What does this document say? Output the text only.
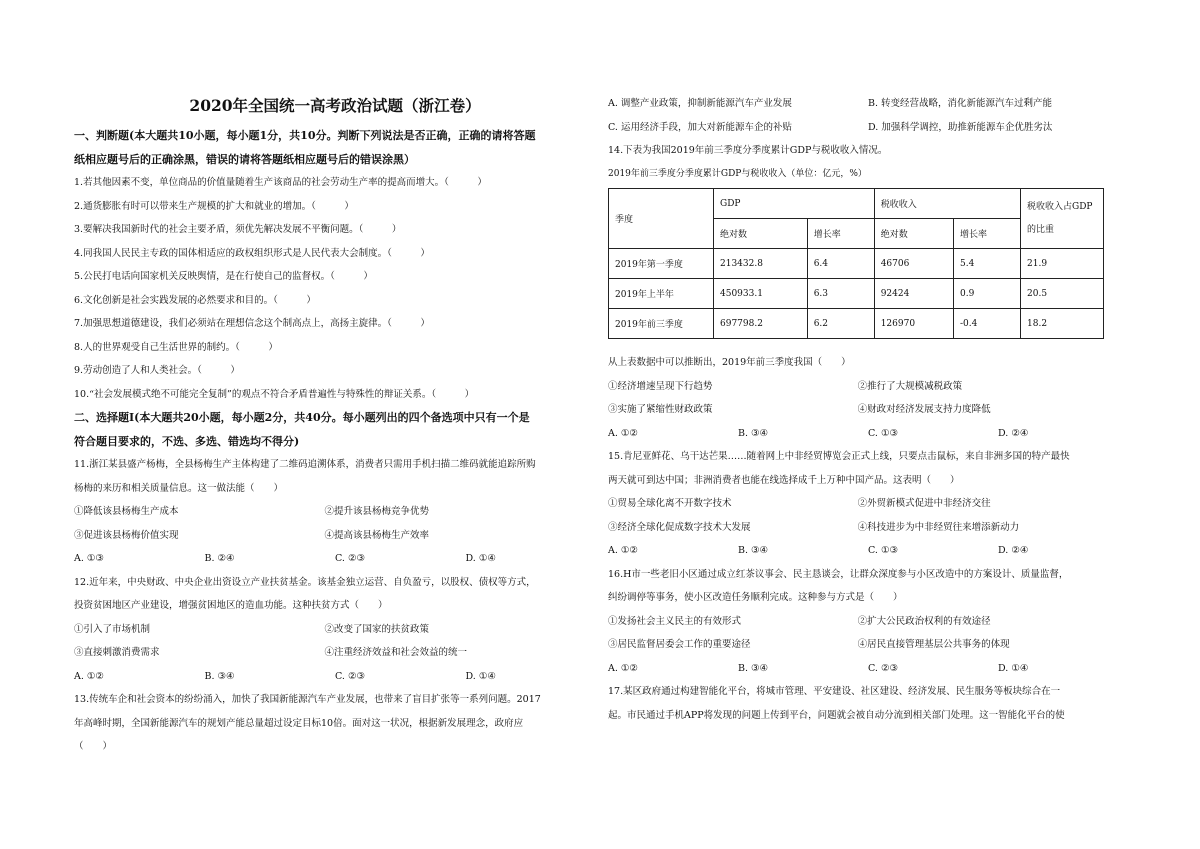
2020年全国统一高考政治试题（浙江卷）
一、判断题(本大题共10小题，每小题1分，共10分。判断下列说法是否正确，正确的请将答题
纸相应题号后的正确涂黑，错误的请将答题纸相应题号后的错误涂黑）
1.若其他因素不变，单位商品的价值量随着生产该商品的社会劳动生产率的提高而增大。（　　　）
2.通货膨胀有时可以带来生产规模的扩大和就业的增加。（　　　）
3.要解决我国新时代的社会主要矛盾，须优先解决发展不平衡问题。（　　　）
4.同我国人民民主专政的国体相适应的政权组织形式是人民代表大会制度。（　　　）
5.公民打电话向国家机关反映舆情，是在行使自己的监督权。（　　　）
6.文化创新是社会实践发展的必然要求和目的。（　　　）
7.加强思想道德建设，我们必须站在理想信念这个制高点上，高扬主旋律。（　　　）
8.人的世界观受自己生活世界的制约。（　　　）
9.劳动创造了人和人类社会。（　　　）
10.“社会发展模式绝不可能完全复制”的观点不符合矛盾普遍性与特殊性的辩证关系。（　　　）
二、选择题Ⅰ(本大题共20小题，每小题2分，共40分。每小题列出的四个备选项中只有一个是
符合题目要求的，不选、多选、错选均不得分)
11.浙江某县盛产杨梅，全县杨梅生产主体构建了二维码追溯体系，消费者只需用手机扫描二维码就能追踪所购
杨梅的来历和相关质量信息。这一做法能（　　）
①降低该县杨梅生产成本	②提升该县杨梅竞争优势
③促进该县杨梅价值实现	④提高该县杨梅生产效率
A. ①③	B. ②④	C. ②③	D. ①④
12.近年来，中央财政、中央企业出资设立产业扶贫基金。该基金独立运营、自负盈亏，以股权、债权等方式，
投资贫困地区产业建设，增强贫困地区的造血功能。这种扶贫方式（　　）
①引入了市场机制	②改变了国家的扶贫政策
③直接刺激消费需求	④注重经济效益和社会效益的统一
A. ①②	B. ③④	C. ②③	D. ①④
13.传统车企和社会资本的纷纷涌入，加快了我国新能源汽车产业发展，也带来了盲目扩张等一系列问题。2017
年高峰时期，全国新能源汽车的规划产能总量超过设定目标10倍。面对这一状况，根据新发展理念，政府应
（　　）
A. 调整产业政策，抑制新能源汽车产业发展	B. 转变经营战略，消化新能源汽车过剩产能
C. 运用经济手段，加大对新能源车企的补贴	D. 加强科学调控，助推新能源车企优胜劣汰
14.下表为我国2019年前三季度分季度累计GDP与税收收入情况。
2019年前三季度分季度累计GDP与税收收入（单位：亿元，%）
季度	GDP		税收收入		税收收入占GDP的比重
	绝对数	增长率	绝对数	增长率	
2019年第一季度	213432.8	6.4	46706	5.4	21.9
2019年上半年	450933.1	6.3	92424	0.9	20.5
2019年前三季度	697798.2	6.2	126970	-0.4	18.2
从上表数据中可以推断出，2019年前三季度我国（　　）
①经济增速呈现下行趋势	②推行了大规模减税政策
③实施了紧缩性财政政策	④财政对经济发展支持力度降低
A. ①②	B. ③④	C. ①③	D. ②④
15.肯尼亚鲜花、乌干达芒果……随着网上中非经贸博览会正式上线，只要点击鼠标，来自非洲多国的特产最快
两天就可到达中国；非洲消费者也能在线选择成千上万种中国产品。这表明（　　）
①贸易全球化离不开数字技术	②外贸新模式促进中非经济交往
③经济全球化促成数字技术大发展	④科技进步为中非经贸往来增添新动力
A. ①②	B. ③④	C. ①③	D. ②④
16.H市一些老旧小区通过成立红茶议事会、民主恳谈会，让群众深度参与小区改造中的方案设计、质量监督，
纠纷调停等事务，使小区改造任务顺利完成。这种参与方式是（　　）
①发扬社会主义民主的有效形式	②扩大公民政治权利的有效途径
③居民监督居委会工作的重要途径	④居民直接管理基层公共事务的体现
A. ①②	B. ③④	C. ②③	D. ①④
17.某区政府通过构建智能化平台，将城市管理、平安建设、社区建设、经济发展、民生服务等板块综合在一
起。市民通过手机APP将发现的问题上传到平台，问题就会被自动分流到相关部门处理。这一智能化平台的使
